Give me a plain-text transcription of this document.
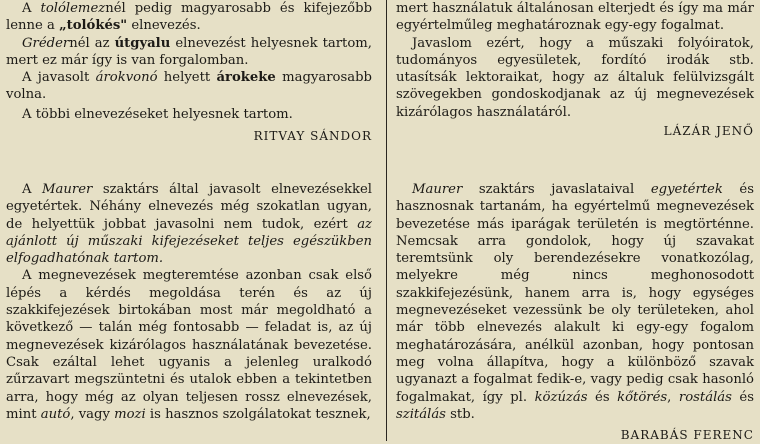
A tolólemeznél pedig magyarosabb és kifejezőbb lenne a „tolókés" elnevezés.

Grédernél az útgyalu elnevezést helyesnek tartom, mert ez már így is van forgalomban.

A javasolt árokvonó helyett árokeke magyarosabb volna.

A többi elnevezéseket helyesnek tartom.

RITVAY SÁNDOR

mert használatuk általánosan elterjedt és így ma már egyértelműleg meghatároznak egy-egy fogalmat.

Javaslom ezért, hogy a műszaki folyóiratok, tudományos egyesületek, fordító irodák stb. utasítsák lektoraikat, hogy az általuk felülvizsgált szövegekben gondoskodjanak az új megnevezések kizárólagos használatáról.

LÁZÁR JENŐ

A Maurer szaktárs által javasolt elnevezésekkel egyetértek. Néhány elnevezés még szokatlan ugyan, de helyettük jobbat javasolni nem tudok, ezért az ajánlott új műszaki kifejezéseket teljes egészükben elfogadhatónak tartom.

A megnevezések megteremtése azonban csak első lépés a kérdés megoldása terén és az új szakkifejezések birtokában most már megoldható a következő — talán még fontosabb — feladat is, az új megnevezések kizárólagos használatának bevezetése. Csak ezáltal lehet ugyanis a jelenleg uralkodó zűrzavart megszüntetni és utalok ebben a tekintetben arra, hogy még az olyan teljesen rossz elnevezések, mint autó, vagy mozi is hasznos szolgálatokat tesznek,

Maurer szaktárs javaslataival egyetértek és hasznosnak tartanám, ha egyértelmű megnevezések bevezetése más iparágak területén is megtörténne. Nemcsak arra gondolok, hogy új szavakat teremtsünk oly berendezésekre vonatkozólag, melyekre még nincs meghonosodott szakkifejezésünk, hanem arra is, hogy egységes megnevezéseket vezessünk be oly területeken, ahol már több elnevezés alakult ki egy-egy fogalom meghatározására, anélkül azonban, hogy pontosan meg volna állapítva, hogy a különböző szavak ugyanazt a fogalmat fedik-e, vagy pedig csak hasonló fogalmakat, így pl. közúzás és kőtörés, rostálás és szitálás stb.

BARABÁS FERENC
